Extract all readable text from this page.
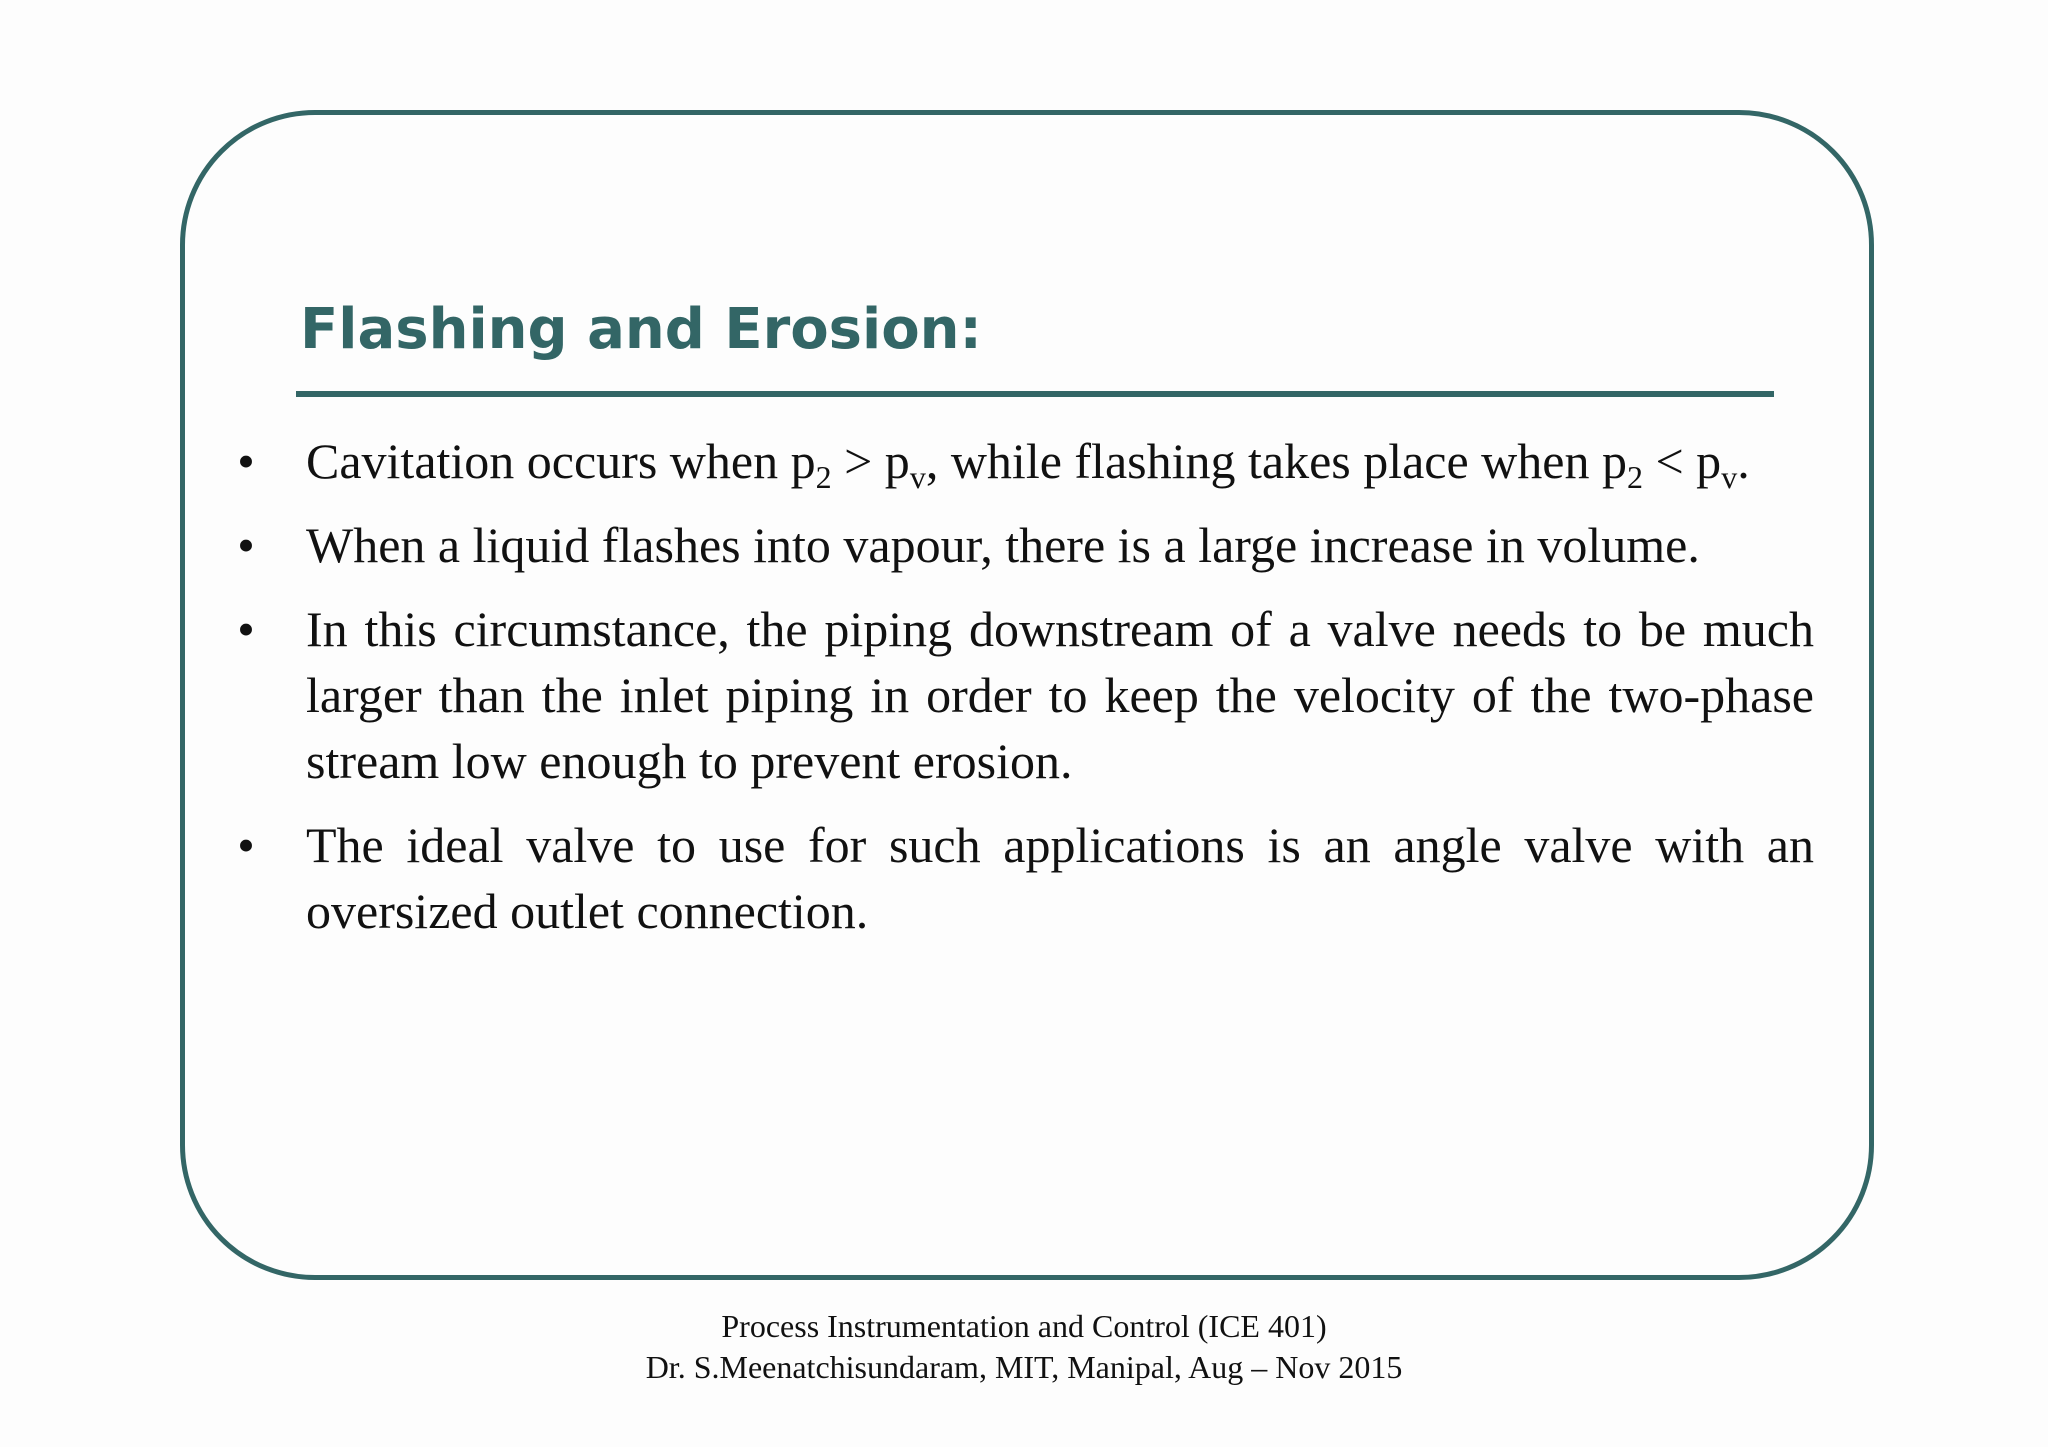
Flashing and Erosion:
•
Cavitation occurs when $p_2 > p_v$, while flashing takes place when $p_2 < p_v$.
•
When a liquid flashes into vapour, there is a large increase in volume.
•
In this circumstance, the piping downstream of a valve needs to be much larger than the inlet piping in order to keep the velocity of the two-phase stream low enough to prevent erosion.
•
The ideal valve to use for such applications is an angle valve with an oversized outlet connection.
Process Instrumentation and Control (ICE 401)
Dr. S.Meenatchisundaram, MIT, Manipal, Aug – Nov 2015
